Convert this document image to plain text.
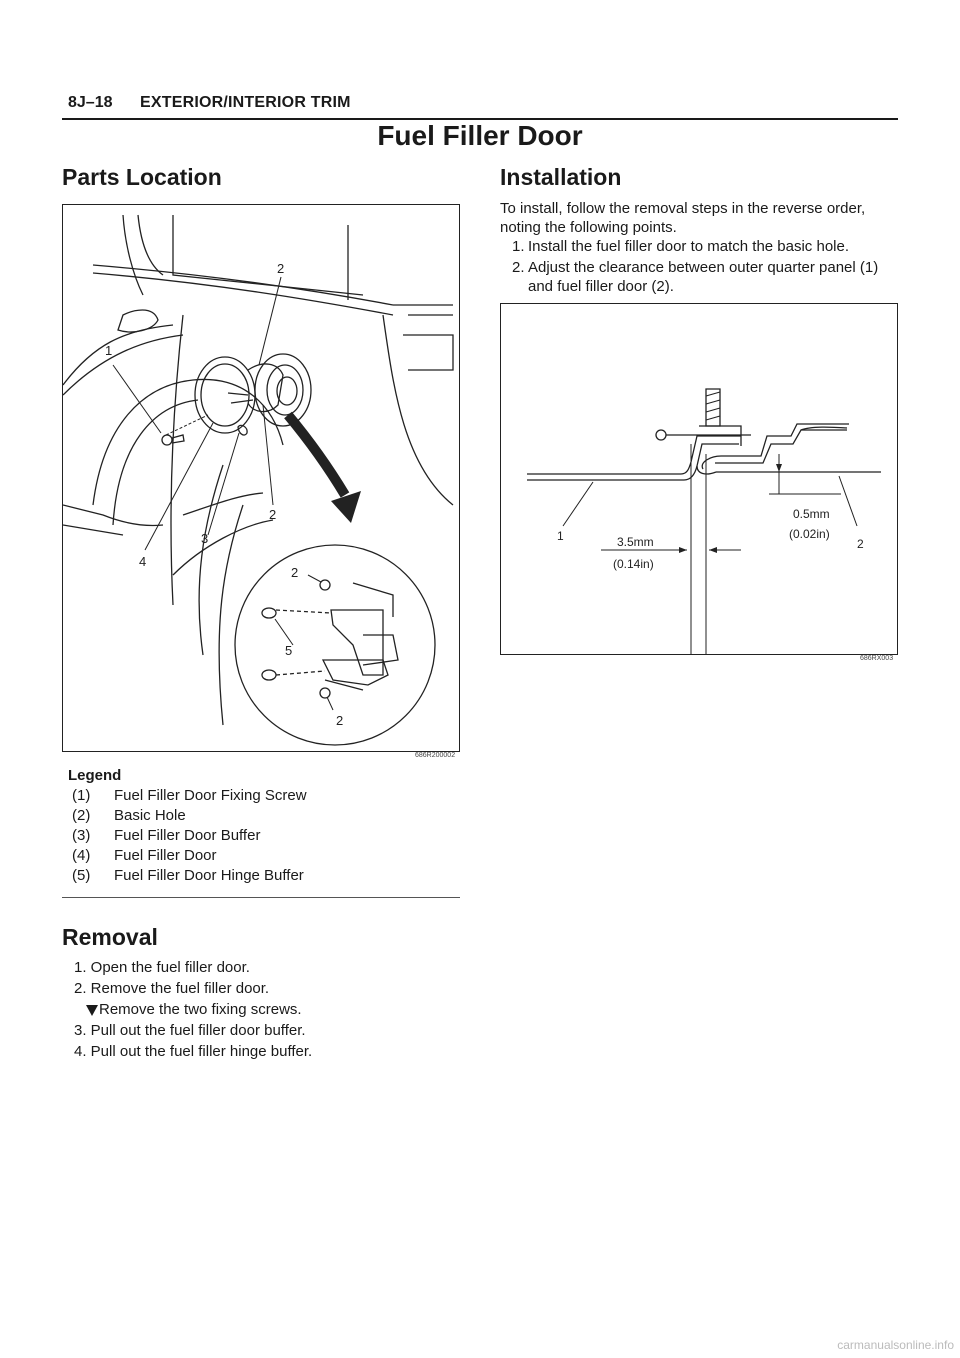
8J–18 EXTERIOR/INTERIOR TRIM
Fuel Filler Door
Parts Location
1
2
2
3
4
2
5
2
686R200002
Legend
(1)	Fuel Filler Door Fixing Screw
(2)	Basic Hole
(3)	Fuel Filler Door Buffer
(4)	Fuel Filler Door
(5)	Fuel Filler Door Hinge Buffer
Removal
1. Open the fuel filler door.
2. Remove the fuel filler door.
Remove the two fixing screws.
3. Pull out the fuel filler door buffer.
4. Pull out the fuel filler hinge buffer.
Installation
To install, follow the removal steps in the reverse order, noting the following points.
1. Install the fuel filler door to match the basic hole.
2. Adjust the clearance between outer quarter panel (1) and fuel filler door (2).
1
2
3.5mm
(0.14in)
0.5mm
(0.02in)
686RX003
carmanualsonline.info
